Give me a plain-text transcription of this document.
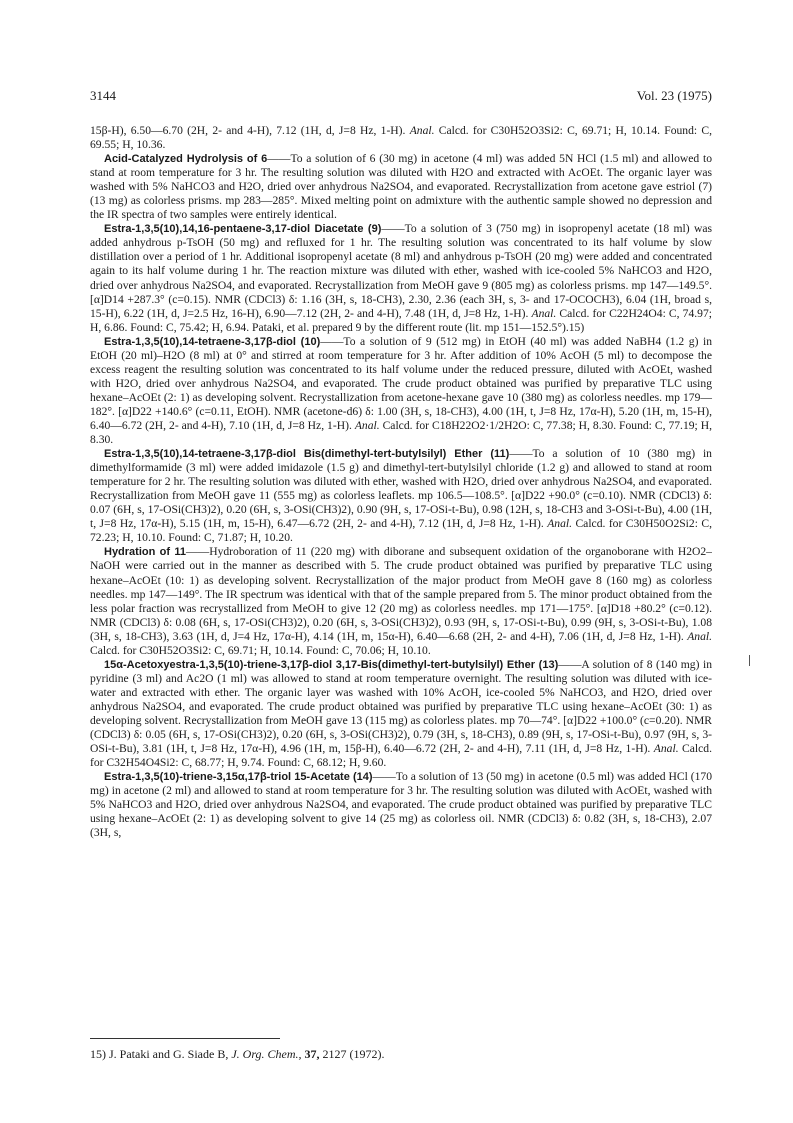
3144	Vol. 23 (1975)

15β-H), 6.50—6.70 (2H, 2- and 4-H), 7.12 (1H, d, J=8 Hz, 1-H). Anal. Calcd. for C30H52O3Si2: C, 69.71; H, 10.14. Found: C, 69.55; H, 10.36.

Acid-Catalyzed Hydrolysis of 6——To a solution of 6 (30 mg) in acetone (4 ml) was added 5N HCl (1.5 ml) and allowed to stand at room temperature for 3 hr. The resulting solution was diluted with H2O and extracted with AcOEt. The organic layer was washed with 5% NaHCO3 and H2O, dried over anhydrous Na2SO4, and evaporated. Recrystallization from acetone gave estriol (7) (13 mg) as colorless prisms. mp 283—285°. Mixed melting point on admixture with the authentic sample showed no depression and the IR spectra of two samples were entirely identical.

Estra-1,3,5(10),14,16-pentaene-3,17-diol Diacetate (9)——To a solution of 3 (750 mg) in isopropenyl acetate (18 ml) was added anhydrous p-TsOH (50 mg) and refluxed for 1 hr. The resulting solution was concentrated to its half volume by slow distillation over a period of 1 hr. Additional isopropenyl acetate (8 ml) and anhydrous p-TsOH (20 mg) were added and concentrated again to its half volume during 1 hr. The reaction mixture was diluted with ether, washed with ice-cooled 5% NaHCO3 and H2O, dried over anhydrous Na2SO4, and evaporated. Recrystallization from MeOH gave 9 (805 mg) as colorless prisms. mp 147—149.5°. [α]D14 +287.3° (c=0.15). NMR (CDCl3) δ: 1.16 (3H, s, 18-CH3), 2.30, 2.36 (each 3H, s, 3- and 17-OCOCH3), 6.04 (1H, broad s, 15-H), 6.22 (1H, d, J=2.5 Hz, 16-H), 6.90—7.12 (2H, 2- and 4-H), 7.48 (1H, d, J=8 Hz, 1-H). Anal. Calcd. for C22H24O4: C, 74.97; H, 6.86. Found: C, 75.42; H, 6.94. Pataki, et al. prepared 9 by the different route (lit. mp 151—152.5°).15)

Estra-1,3,5(10),14-tetraene-3,17β-diol (10)——To a solution of 9 (512 mg) in EtOH (40 ml) was added NaBH4 (1.2 g) in EtOH (20 ml)–H2O (8 ml) at 0° and stirred at room temperature for 3 hr. After addition of 10% AcOH (5 ml) to decompose the excess reagent the resulting solution was concentrated to its half volume under the reduced pressure, diluted with AcOEt, washed with H2O, dried over anhydrous Na2SO4, and evaporated. The crude product obtained was purified by preparative TLC using hexane–AcOEt (2: 1) as developing solvent. Recrystallization from acetone-hexane gave 10 (380 mg) as colorless needles. mp 179—182°. [α]D22 +140.6° (c=0.11, EtOH). NMR (acetone-d6) δ: 1.00 (3H, s, 18-CH3), 4.00 (1H, t, J=8 Hz, 17α-H), 5.20 (1H, m, 15-H), 6.40—6.72 (2H, 2- and 4-H), 7.10 (1H, d, J=8 Hz, 1-H). Anal. Calcd. for C18H22O2·1/2H2O: C, 77.38; H, 8.30. Found: C, 77.19; H, 8.30.

Estra-1,3,5(10),14-tetraene-3,17β-diol Bis(dimethyl-tert-butylsilyl) Ether (11)——To a solution of 10 (380 mg) in dimethylformamide (3 ml) were added imidazole (1.5 g) and dimethyl-tert-butylsilyl chloride (1.2 g) and allowed to stand at room temperature for 2 hr. The resulting solution was diluted with ether, washed with H2O, dried over anhydrous Na2SO4, and evaporated. Recrystallization from MeOH gave 11 (555 mg) as colorless leaflets. mp 106.5—108.5°. [α]D22 +90.0° (c=0.10). NMR (CDCl3) δ: 0.07 (6H, s, 17-OSi(CH3)2), 0.20 (6H, s, 3-OSi(CH3)2), 0.90 (9H, s, 17-OSi-t-Bu), 0.98 (12H, s, 18-CH3 and 3-OSi-t-Bu), 4.00 (1H, t, J=8 Hz, 17α-H), 5.15 (1H, m, 15-H), 6.47—6.72 (2H, 2- and 4-H), 7.12 (1H, d, J=8 Hz, 1-H). Anal. Calcd. for C30H50O2Si2: C, 72.23; H, 10.10. Found: C, 71.87; H, 10.20.

Hydration of 11——Hydroboration of 11 (220 mg) with diborane and subsequent oxidation of the organoborane with H2O2–NaOH were carried out in the manner as described with 5. The crude product obtained was purified by preparative TLC using hexane–AcOEt (10: 1) as developing solvent. Recrystallization of the major product from MeOH gave 8 (160 mg) as colorless needles. mp 147—149°. The IR spectrum was identical with that of the sample prepared from 5. The minor product obtained from the less polar fraction was recrystallized from MeOH to give 12 (20 mg) as colorless needles. mp 171—175°. [α]D18 +80.2° (c=0.12). NMR (CDCl3) δ: 0.08 (6H, s, 17-OSi(CH3)2), 0.20 (6H, s, 3-OSi(CH3)2), 0.93 (9H, s, 17-OSi-t-Bu), 0.99 (9H, s, 3-OSi-t-Bu), 1.08 (3H, s, 18-CH3), 3.63 (1H, d, J=4 Hz, 17α-H), 4.14 (1H, m, 15α-H), 6.40—6.68 (2H, 2- and 4-H), 7.06 (1H, d, J=8 Hz, 1-H). Anal. Calcd. for C30H52O3Si2: C, 69.71; H, 10.14. Found: C, 70.06; H, 10.10.

15α-Acetoxyestra-1,3,5(10)-triene-3,17β-diol 3,17-Bis(dimethyl-tert-butylsilyl) Ether (13)——A solution of 8 (140 mg) in pyridine (3 ml) and Ac2O (1 ml) was allowed to stand at room temperature overnight. The resulting solution was diluted with ice-water and extracted with ether. The organic layer was washed with 10% AcOH, ice-cooled 5% NaHCO3, and H2O, dried over anhydrous Na2SO4, and evaporated. The crude product obtained was purified by preparative TLC using hexane–AcOEt (30: 1) as developing solvent. Recrystallization from MeOH gave 13 (115 mg) as colorless plates. mp 70—74°. [α]D22 +100.0° (c=0.20). NMR (CDCl3) δ: 0.05 (6H, s, 17-OSi(CH3)2), 0.20 (6H, s, 3-OSi(CH3)2), 0.79 (3H, s, 18-CH3), 0.89 (9H, s, 17-OSi-t-Bu), 0.97 (9H, s, 3-OSi-t-Bu), 3.81 (1H, t, J=8 Hz, 17α-H), 4.96 (1H, m, 15β-H), 6.40—6.72 (2H, 2- and 4-H), 7.11 (1H, d, J=8 Hz, 1-H). Anal. Calcd. for C32H54O4Si2: C, 68.77; H, 9.74. Found: C, 68.12; H, 9.60.

Estra-1,3,5(10)-triene-3,15α,17β-triol 15-Acetate (14)——To a solution of 13 (50 mg) in acetone (0.5 ml) was added HCl (170 mg) in acetone (2 ml) and allowed to stand at room temperature for 3 hr. The resulting solution was diluted with AcOEt, washed with 5% NaHCO3 and H2O, dried over anhydrous Na2SO4, and evaporated. The crude product obtained was purified by preparative TLC using hexane–AcOEt (2: 1) as developing solvent to give 14 (25 mg) as colorless oil. NMR (CDCl3) δ: 0.82 (3H, s, 18-CH3), 2.07 (3H, s,

15) J. Pataki and G. Siade B, J. Org. Chem., 37, 2127 (1972).
